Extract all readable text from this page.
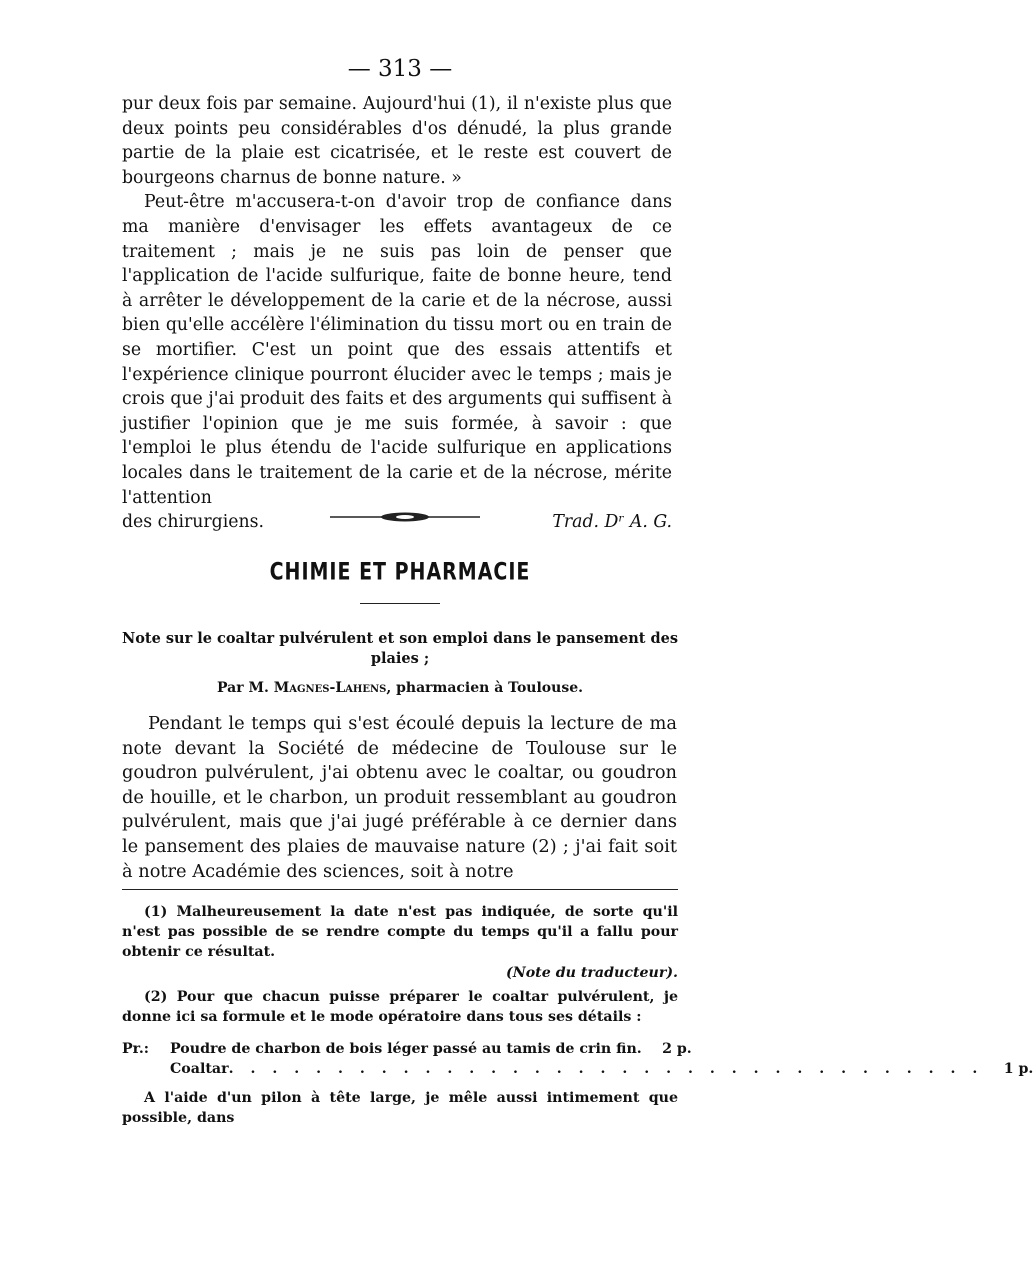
— 313 —

pur deux fois par semaine. Aujourd'hui (1), il n'existe plus que deux points peu considérables d'os dénudé, la plus grande partie de la plaie est cicatrisée, et le reste est couvert de bourgeons charnus de bonne nature. »

Peut-être m'accusera-t-on d'avoir trop de confiance dans ma manière d'envisager les effets avantageux de ce traitement ; mais je ne suis pas loin de penser que l'application de l'acide sulfurique, faite de bonne heure, tend à arrêter le développement de la carie et de la nécrose, aussi bien qu'elle accélère l'élimination du tissu mort ou en train de se mortifier. C'est un point que des essais attentifs et l'expérience clinique pourront élucider avec le temps ; mais je crois que j'ai produit des faits et des arguments qui suffisent à justifier l'opinion que je me suis formée, à savoir : que l'emploi le plus étendu de l'acide sulfurique en applications locales dans le traitement de la carie et de la nécrose, mérite l'attention

des chirurgiens.	Trad. Dʳ A. G.
CHIMIE ET PHARMACIE
Note sur le coaltar pulvérulent et son emploi dans le pansement des plaies ;
Par M. Magnes-Lahens, pharmacien à Toulouse.

Pendant le temps qui s'est écoulé depuis la lecture de ma note devant la Société de médecine de Toulouse sur le goudron pulvérulent, j'ai obtenu avec le coaltar, ou goudron de houille, et le charbon, un produit ressemblant au goudron pulvérulent, mais que j'ai jugé préférable à ce dernier dans le pansement des plaies de mauvaise nature (2) ; j'ai fait soit à notre Académie des sciences, soit à notre

(1) Malheureusement la date n'est pas indiquée, de sorte qu'il n'est pas possible de se rendre compte du temps qu'il a fallu pour obtenir ce résultat.

(Note du traducteur).

(2) Pour que chacun puisse préparer le coaltar pulvérulent, je donne ici sa formule et le mode opératoire dans tous ses détails :

Pr.:	Poudre de charbon de bois léger passé au tamis de crin fin.	2 p.
Coaltar . . . . . . . . . . . . . . . . . . . . . . . . . . . . . . . . . . .	1 p.

A l'aide d'un pilon à tête large, je mêle aussi intimement que possible, dans
